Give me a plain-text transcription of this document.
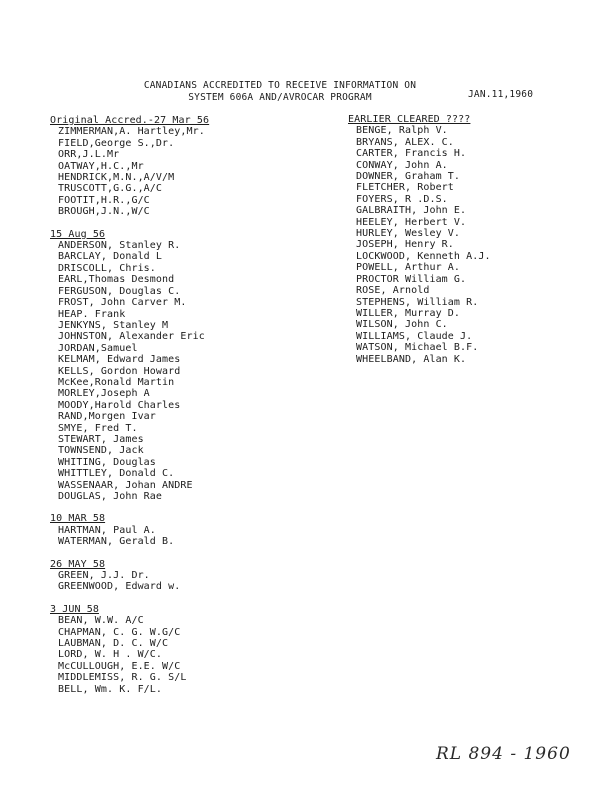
CANADIANS ACCREDITED TO RECEIVE INFORMATION ON
SYSTEM 606A AND/AVROCAR PROGRAM	JAN.11,1960
Original Accred.-27 Mar 56
ZIMMERMAN,A. Hartley,Mr.
FIELD,George S.,Dr.
ORR,J.L.Mr
OATWAY,H.C.,Mr
HENDRICK,M.N.,A/V/M
TRUSCOTT,G.G.,A/C
FOOTIT,H.R.,G/C
BROUGH,J.N.,W/C
15 Aug 56
ANDERSON, Stanley R.
BARCLAY, Donald L
DRISCOLL, Chris.
EARL,Thomas Desmond
FERGUSON, Douglas C.
FROST, John Carver M.
HEAP. Frank
JENKYNS, Stanley M
JOHNSTON, Alexander Eric
JORDAN,Samuel
KELMAM, Edward James
KELLS, Gordon Howard
McKee,Ronald Martin
MORLEY,Joseph A
MOODY,Harold Charles
RAND,Morgen Ivar
SMYE, Fred T.
STEWART, James
TOWNSEND, Jack
WHITING, Douglas
WHITTLEY, Donald C.
WASSENAAR, Johan ANDRE
DOUGLAS, John Rae
10 MAR 58
HARTMAN, Paul A.
WATERMAN, Gerald B.
26 MAY 58
GREEN, J.J. Dr.
GREENWOOD, Edward w.
3 JUN 58
BEAN, W.W. A/C
CHAPMAN, C. G. W.G/C
LAUBMAN, D. C. W/C
LORD, W. H . W/C.
McCULLOUGH, E.E. W/C
MIDDLEMISS, R. G. S/L
BELL, Wm. K. F/L.
EARLIER CLEARED ????
BENGE, Ralph V.
BRYANS, ALEX. C.
CARTER, Francis H.
CONWAY, John A.
DOWNER, Graham T.
FLETCHER, Robert
FOYERS, R .D.S.
GALBRAITH, John E.
HEELEY, Herbert V.
HURLEY, Wesley V.
JOSEPH, Henry R.
LOCKWOOD, Kenneth A.J.
POWELL, Arthur A.
PROCTOR William G.
ROSE, Arnold
STEPHENS, William R.
WILLER, Murray D.
WILSON, John C.
WILLIAMS, Claude J.
WATSON, Michael B.F.
WHEELBAND, Alan K.
RL 894 - 1960
